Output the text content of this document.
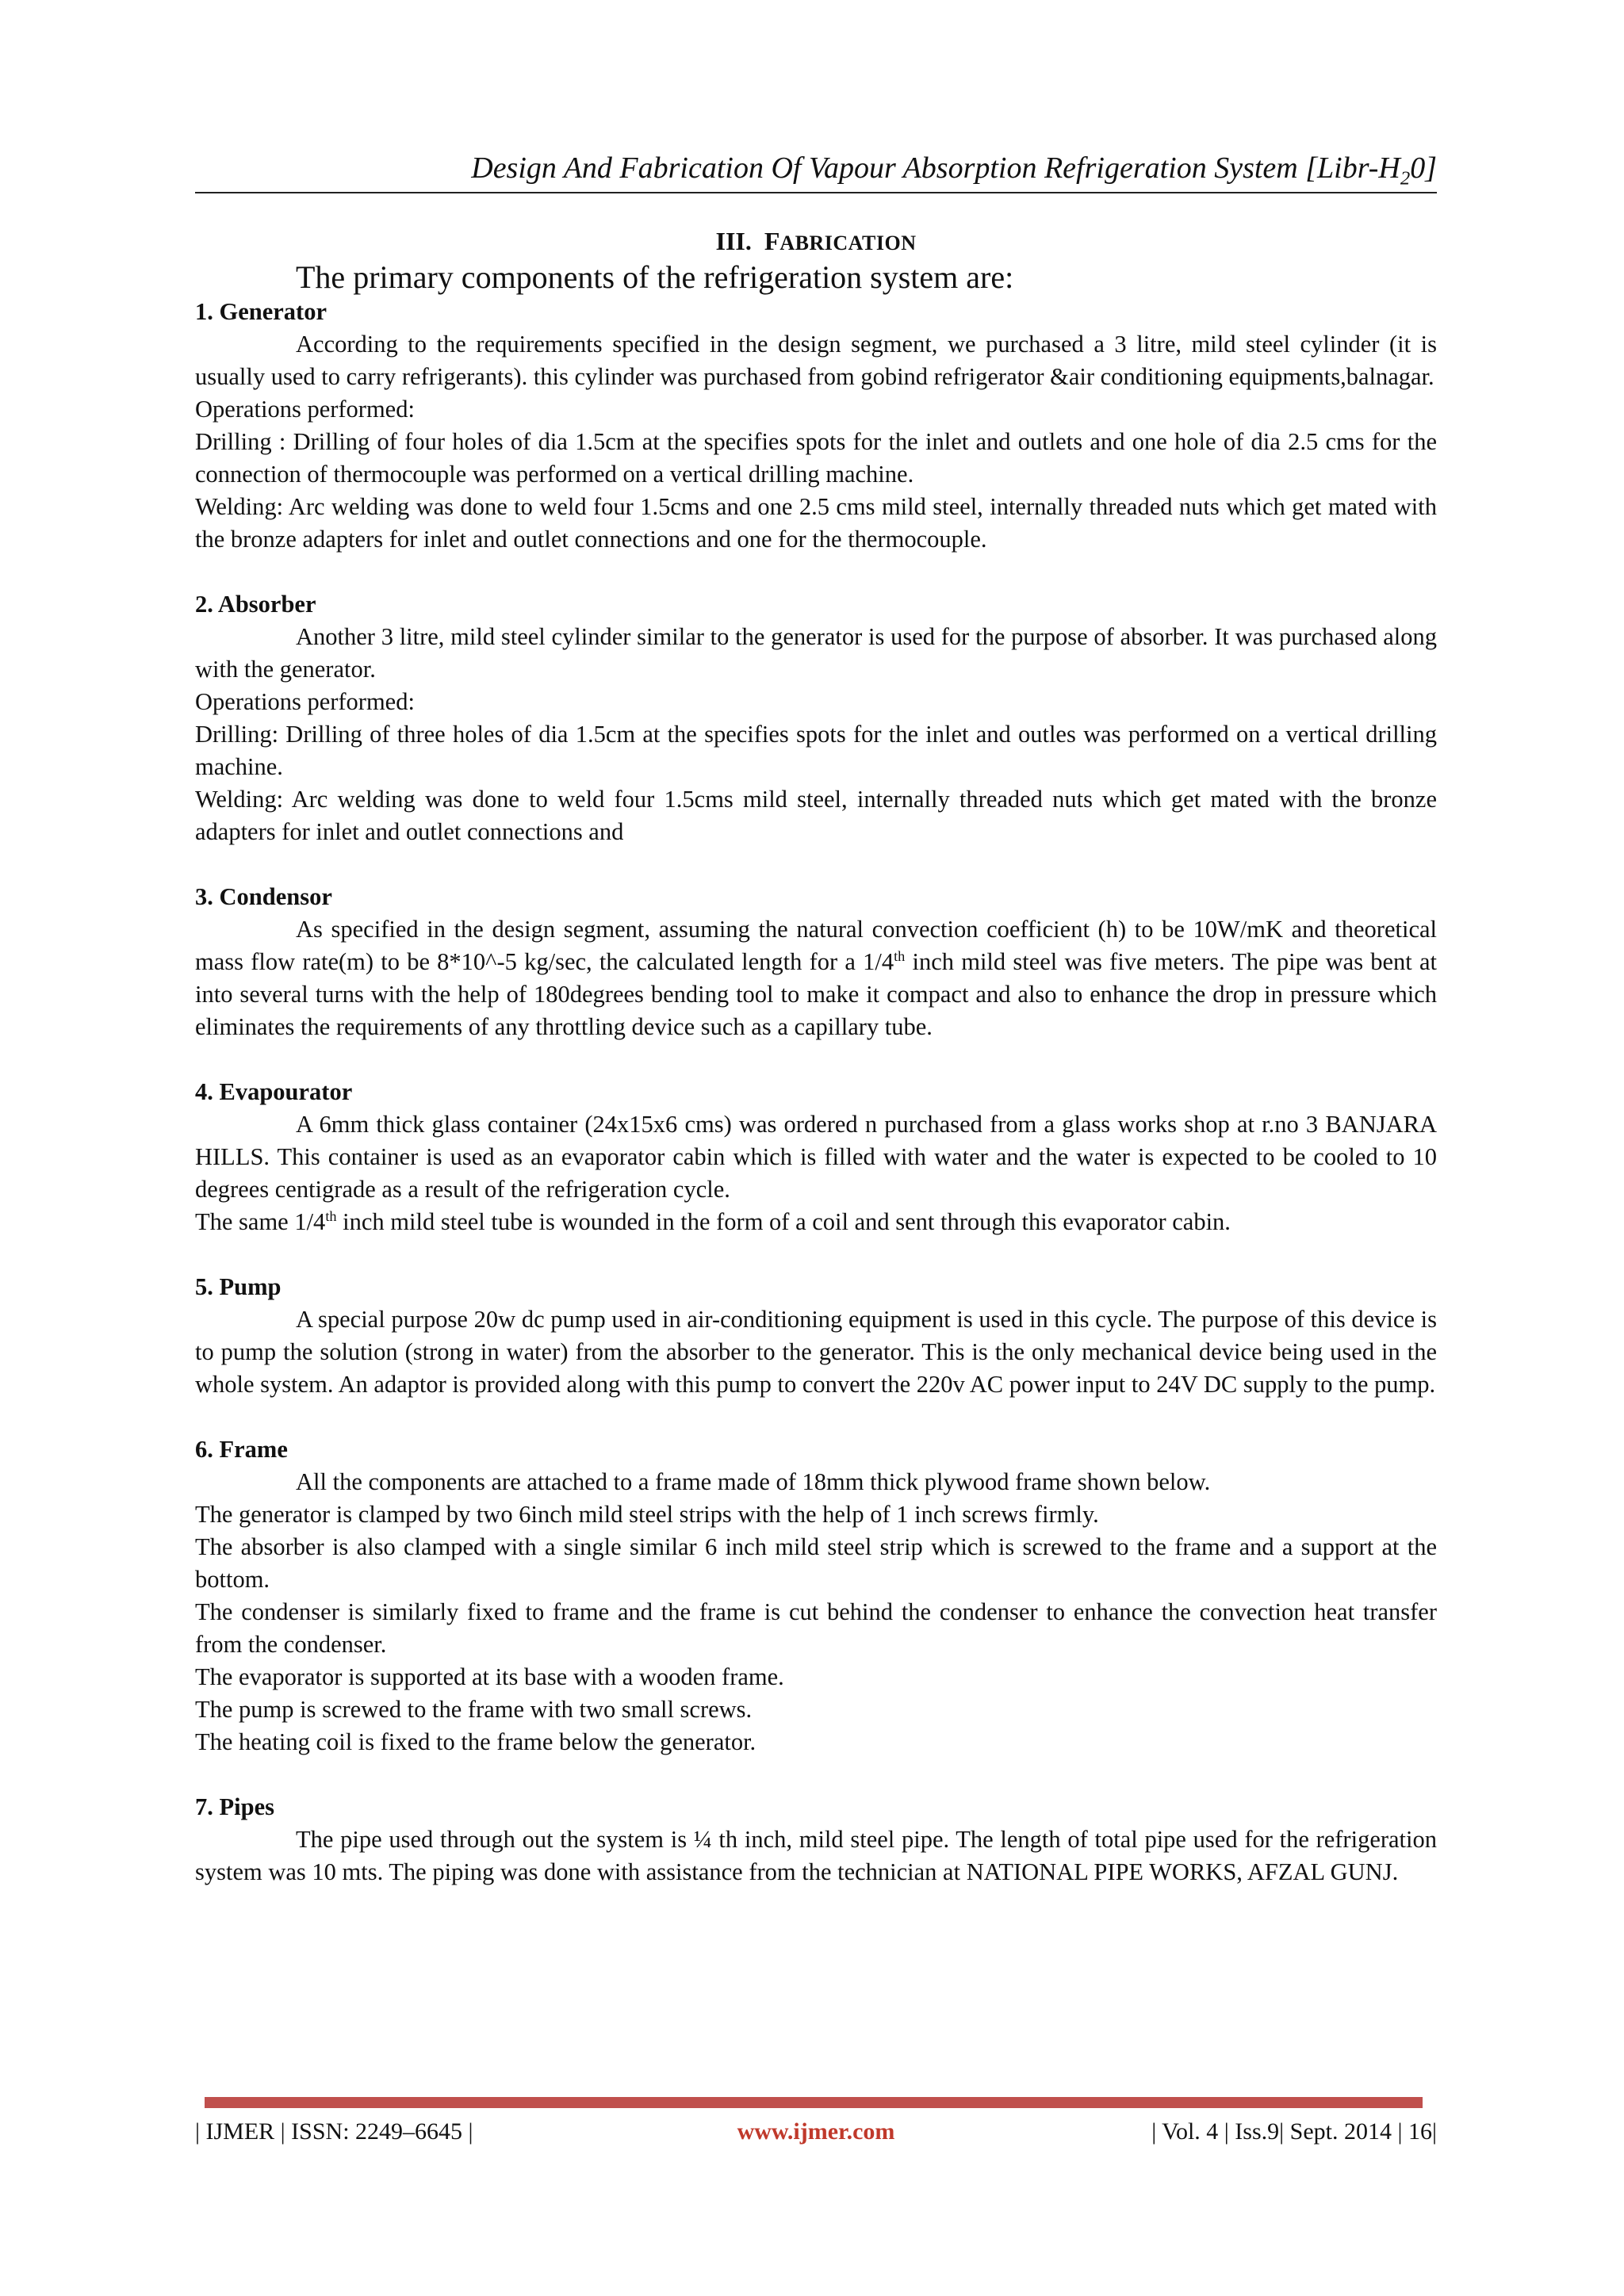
Design And Fabrication Of Vapour Absorption Refrigeration System $[Libr-H_20]$
III. FABRICATION

The primary components of the refrigeration system are:

1. Generator

According to the requirements specified in the design segment, we purchased a 3 litre, mild steel cylinder (it is usually used to carry refrigerants). this cylinder was purchased from gobind refrigerator &air conditioning equipments,balnagar.

Operations performed:

Drilling : Drilling of four holes of dia 1.5cm at the specifies spots for the inlet and outlets and one hole of dia 2.5 cms for the connection of thermocouple was performed on a vertical drilling machine.

Welding: Arc welding was done to weld four 1.5cms and one 2.5 cms mild steel, internally threaded nuts which get mated with the bronze adapters for inlet and outlet connections and one for the thermocouple.

2. Absorber

Another 3 litre, mild steel cylinder similar to the generator is used for the purpose of absorber. It was purchased along with the generator.

Operations performed:

Drilling: Drilling of three holes of dia 1.5cm at the specifies spots for the inlet and outles was performed on a vertical drilling machine.

Welding: Arc welding was done to weld four 1.5cms mild steel, internally threaded nuts which get mated with the bronze adapters for inlet and outlet connections and

3. Condensor

As specified in the design segment, assuming the natural convection coefficient (h) to be 10W/mK and theoretical mass flow rate(m) to be 8*10^-5 kg/sec, the calculated length for a 1/4th inch mild steel was five meters. The pipe was bent at into several turns with the help of 180degrees bending tool to make it compact and also to enhance the drop in pressure which eliminates the requirements of any throttling device such as a capillary tube.

4. Evapourator

A 6mm thick glass container (24x15x6 cms) was ordered n purchased from a glass works shop at r.no 3 BANJARA HILLS. This container is used as an evaporator cabin which is filled with water and the water is expected to be cooled to 10 degrees centigrade as a result of the refrigeration cycle.

The same 1/4th inch mild steel tube is wounded in the form of a coil and sent through this evaporator cabin.

5. Pump

A special purpose 20w dc pump used in air-conditioning equipment is used in this cycle. The purpose of this device is to pump the solution (strong in water) from the absorber to the generator. This is the only mechanical device being used in the whole system. An adaptor is provided along with this pump to convert the 220v AC power input to 24V DC supply to the pump.

6. Frame

All the components are attached to a frame made of 18mm thick plywood frame shown below.

The generator is clamped by two 6inch mild steel strips with the help of 1 inch screws firmly.

The absorber is also clamped with a single similar 6 inch mild steel strip which is screwed to the frame and a support at the bottom.

The condenser is similarly fixed to frame and the frame is cut behind the condenser to enhance the convection heat transfer from the condenser.

The evaporator is supported at its base with a wooden frame.

The pump is screwed to the frame with two small screws.

The heating coil is fixed to the frame below the generator.

7. Pipes

The pipe used through out the system is ¼ th inch, mild steel pipe. The length of total pipe used for the refrigeration system was 10 mts. The piping was done with assistance from the technician at NATIONAL PIPE WORKS, AFZAL GUNJ.

| IJMER | ISSN: 2249–6645 |	www.ijmer.com	| Vol. 4 | Iss.9| Sept. 2014 | 16|
